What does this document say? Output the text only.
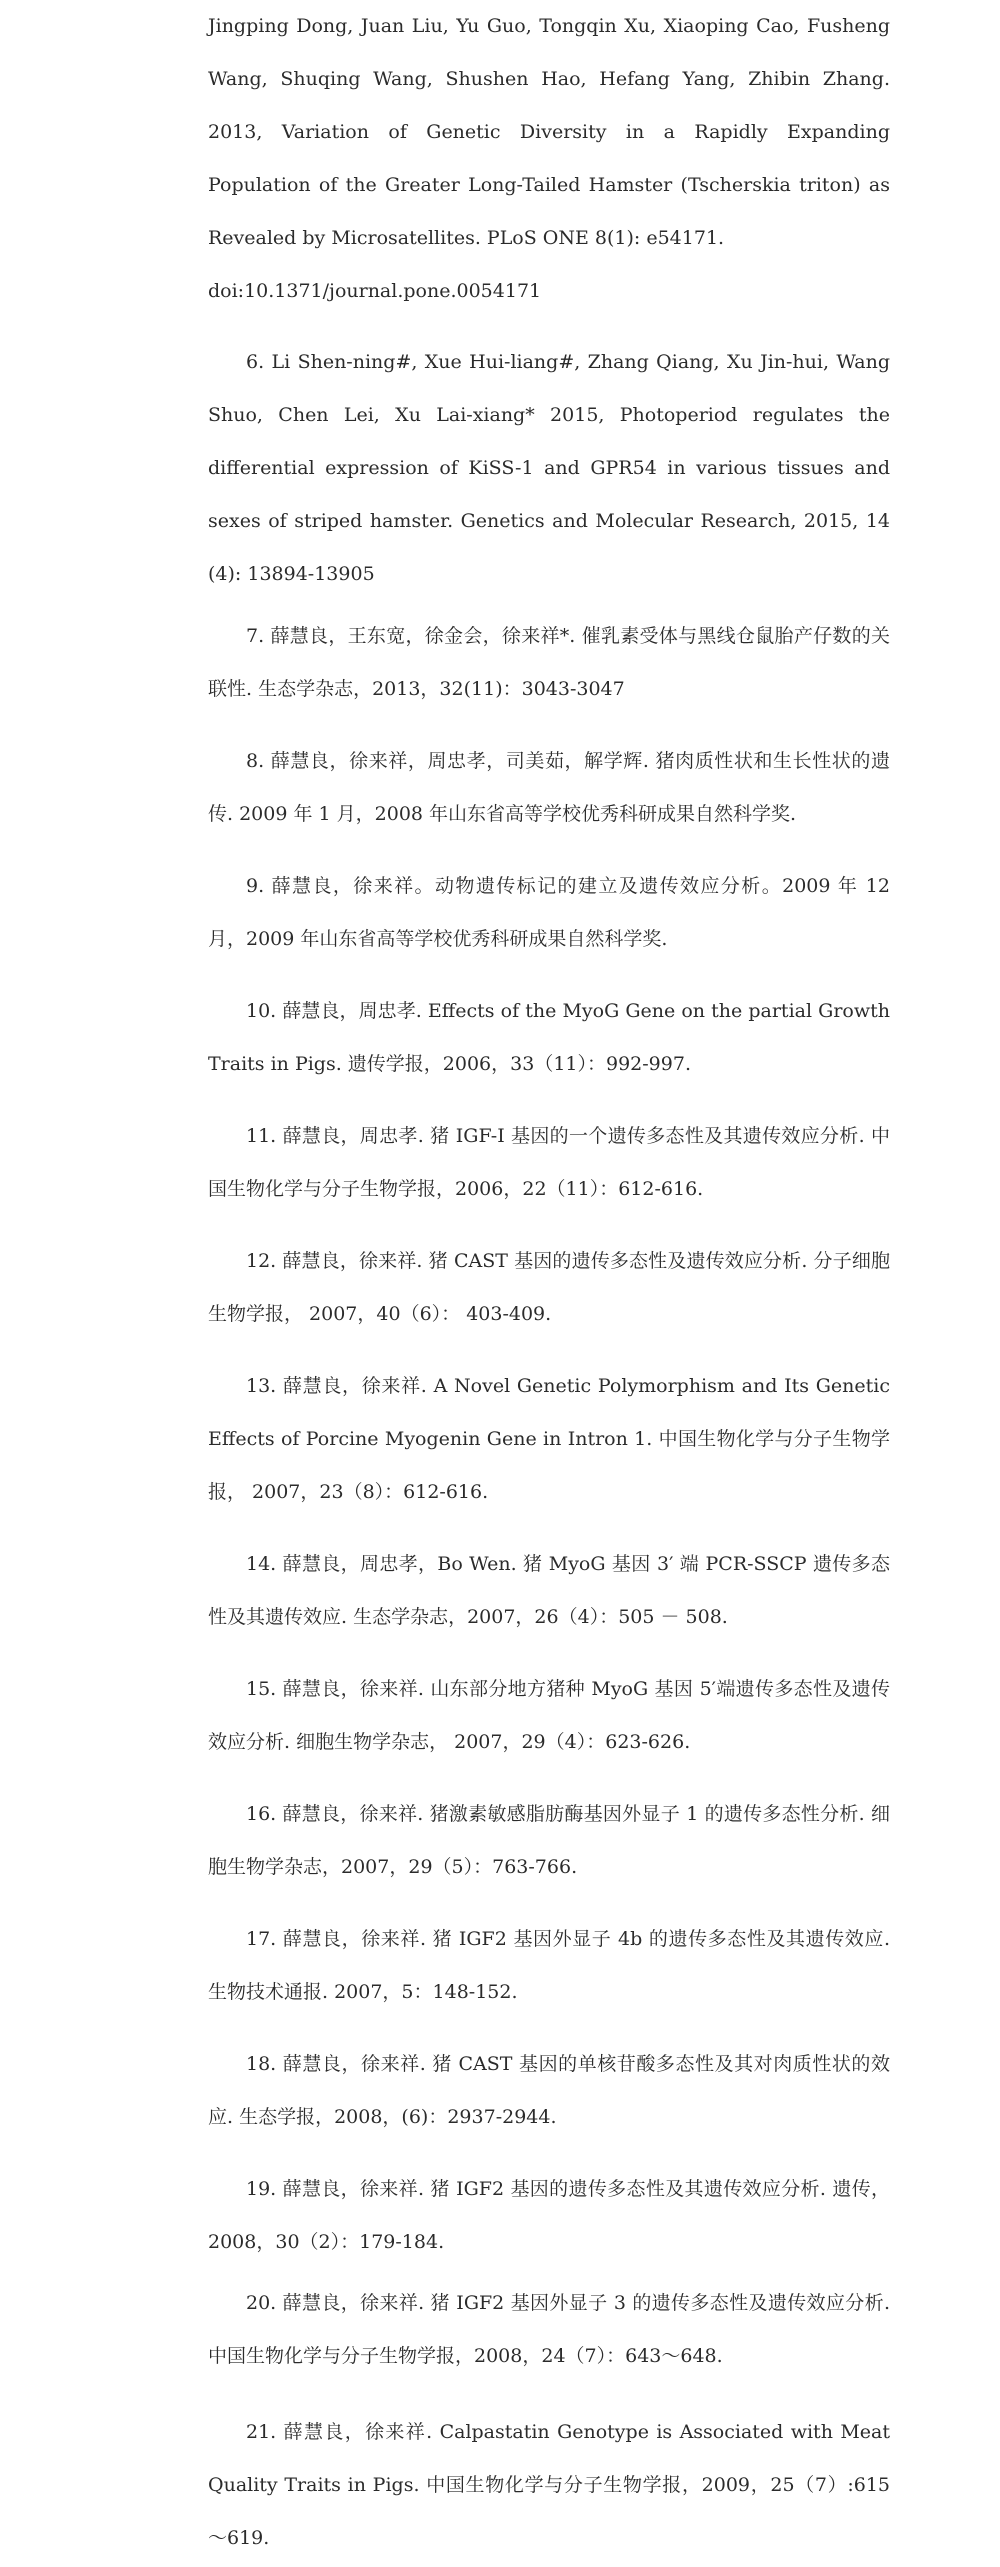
Jingping Dong, Juan Liu, Yu Guo, Tongqin Xu, Xiaoping Cao, Fusheng Wang, Shuqing Wang, Shushen Hao, Hefang Yang, Zhibin Zhang. 2013, Variation of Genetic Diversity in a Rapidly Expanding Population of the Greater Long-Tailed Hamster (Tscherskia triton) as Revealed by Microsatellites. PLoS ONE 8(1): e54171.
doi:10.1371/journal.pone.0054171

6. Li Shen-ning#, Xue Hui-liang#, Zhang Qiang, Xu Jin-hui, Wang Shuo, Chen Lei, Xu Lai-xiang* 2015, Photoperiod regulates the differential expression of KiSS-1 and GPR54 in various tissues and sexes of striped hamster. Genetics and Molecular Research, 2015, 14 (4): 13894-13905

7. 薛慧良，王东宽，徐金会，徐来祥*. 催乳素受体与黑线仓鼠胎产仔数的关联性. 生态学杂志，2013，32(11)：3043-3047

8. 薛慧良，徐来祥，周忠孝，司美茹，解学辉. 猪肉质性状和生长性状的遗传. 2009 年 1 月，2008 年山东省高等学校优秀科研成果自然科学奖.

9. 薛慧良，徐来祥。动物遗传标记的建立及遗传效应分析。2009 年 12 月，2009 年山东省高等学校优秀科研成果自然科学奖.

10. 薛慧良，周忠孝. Effects of the MyoG Gene on the partial Growth Traits in Pigs. 遗传学报，2006，33（11）：992-997.

11. 薛慧良，周忠孝. 猪 IGF-I 基因的一个遗传多态性及其遗传效应分析. 中国生物化学与分子生物学报，2006，22（11）：612-616.

12. 薛慧良，徐来祥. 猪 CAST 基因的遗传多态性及遗传效应分析. 分子细胞生物学报， 2007，40（6）： 403-409.

13. 薛慧良，徐来祥. A Novel Genetic Polymorphism and Its Genetic Effects of Porcine Myogenin Gene in Intron 1. 中国生物化学与分子生物学报， 2007，23（8）：612-616.

14. 薛慧良，周忠孝，Bo Wen. 猪 MyoG 基因 3′ 端 PCR-SSCP 遗传多态性及其遗传效应. 生态学杂志，2007，26（4）：505 － 508.

15. 薛慧良，徐来祥. 山东部分地方猪种 MyoG 基因 5′端遗传多态性及遗传效应分析. 细胞生物学杂志， 2007，29（4）：623-626.

16. 薛慧良，徐来祥. 猪激素敏感脂肪酶基因外显子 1 的遗传多态性分析. 细胞生物学杂志，2007，29（5）：763-766.

17. 薛慧良，徐来祥. 猪 IGF2 基因外显子 4b 的遗传多态性及其遗传效应. 生物技术通报. 2007，5：148-152.

18. 薛慧良，徐来祥. 猪 CAST 基因的单核苷酸多态性及其对肉质性状的效应. 生态学报，2008，(6)：2937-2944.

19. 薛慧良，徐来祥. 猪 IGF2 基因的遗传多态性及其遗传效应分析. 遗传，2008，30（2）：179-184.

20. 薛慧良，徐来祥. 猪 IGF2 基因外显子 3 的遗传多态性及遗传效应分析. 中国生物化学与分子生物学报，2008，24（7）：643～648.

21. 薛慧良，徐来祥. Calpastatin Genotype is Associated with Meat Quality Traits in Pigs. 中国生物化学与分子生物学报，2009，25（7）:615～619.
